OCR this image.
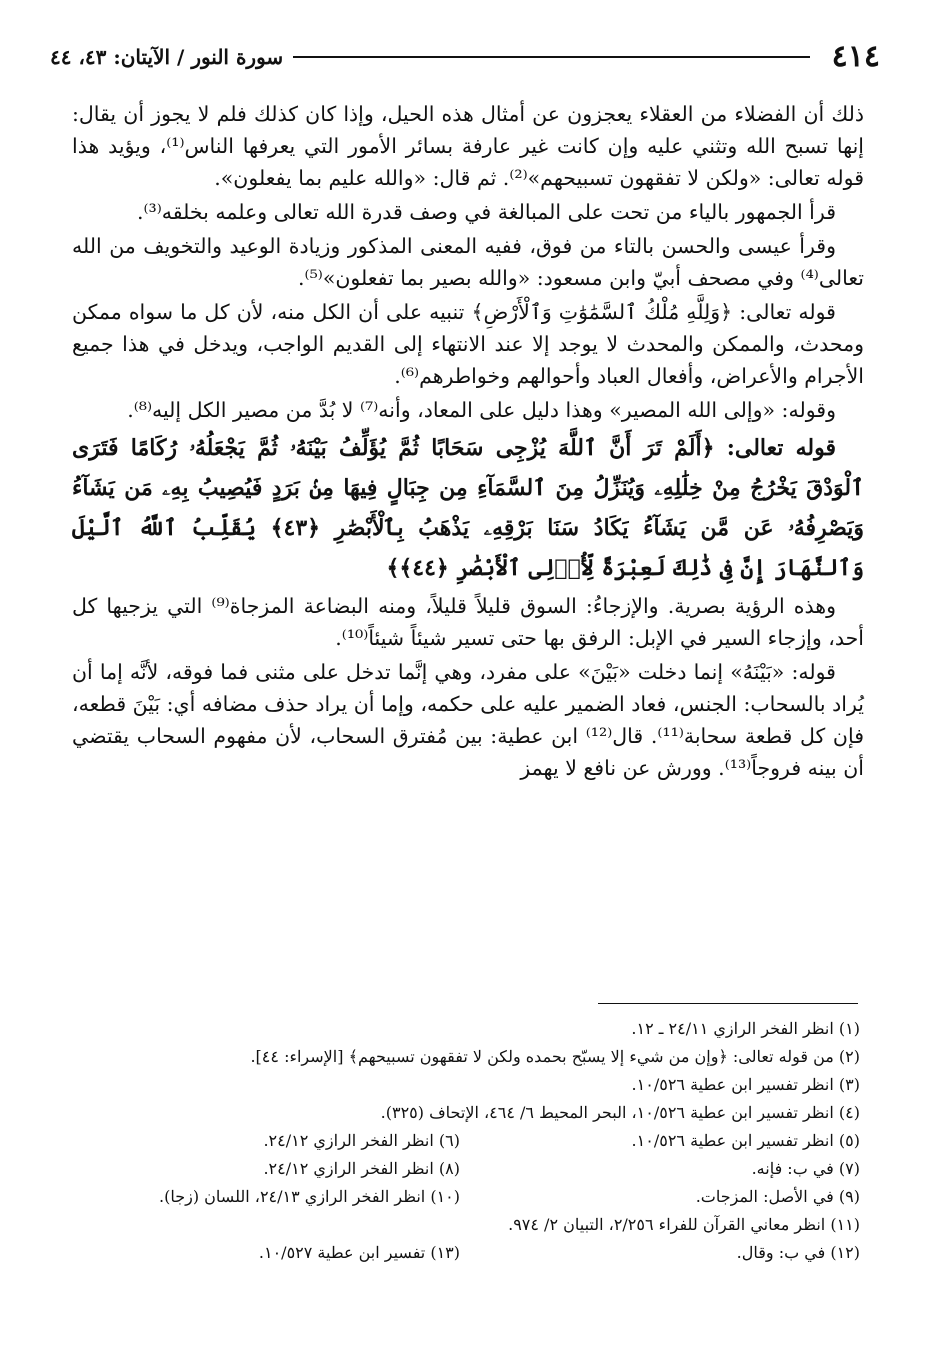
٤١٤
سورة النور / الآيتان: ٤٣، ٤٤

ذلك أن الفضلاء من العقلاء يعجزون عن أمثال هذه الحيل، وإذا كان كذلك فلم لا يجوز أن يقال: إنها تسبح الله وتثني عليه وإن كانت غير عارفة بسائر الأمور التي يعرفها الناس⁽¹⁾، ويؤيد هذا قوله تعالى: «ولكن لا تفقهون تسبيحهم»⁽²⁾. ثم قال: «والله عليم بما يفعلون».

قرأ الجمهور بالياء من تحت على المبالغة في وصف قدرة الله تعالى وعلمه بخلقه⁽³⁾.

وقرأ عيسى والحسن بالتاء من فوق، ففيه المعنى المذكور وزيادة الوعيد والتخويف من الله تعالى⁽⁴⁾ وفي مصحف أبيّ وابن مسعود: «والله بصير بما تفعلون»⁽⁵⁾.

قوله تعالى: ﴿وَلِلَّهِ مُلْكُ ٱلسَّمَٰوَٰتِ وَٱلْأَرْضِ﴾ تنبيه على أن الكل منه، لأن كل ما سواه ممكن ومحدث، والممكن والمحدث لا يوجد إلا عند الانتهاء إلى القديم الواجب، ويدخل في هذا جميع الأجرام والأعراض، وأفعال العباد وأحوالهم وخواطرهم⁽⁶⁾.

وقوله: «وإلى الله المصير» وهذا دليل على المعاد، وأنه⁽⁷⁾ لا بُدَّ من مصير الكل إليه⁽⁸⁾.

قوله تعالى: ﴿أَلَمْ تَرَ أَنَّ ٱللَّهَ يُزْجِى سَحَابًا ثُمَّ يُؤَلِّفُ بَيْنَهُۥ ثُمَّ يَجْعَلُهُۥ رُكَامًا فَتَرَى ٱلْوَدْقَ يَخْرُجُ مِنْ خِلَٰلِهِۦ وَيُنَزِّلُ مِنَ ٱلسَّمَآءِ مِن جِبَالٍ فِيهَا مِنۢ بَرَدٍ فَيُصِيبُ بِهِۦ مَن يَشَآءُ وَيَصْرِفُهُۥ عَن مَّن يَشَآءُ يَكَادُ سَنَا بَرْقِهِۦ يَذْهَبُ بِٱلْأَبْصَٰرِ ﴿٤٣﴾ يُقَلِّبُ ٱللَّهُ ٱلَّيْلَ وَٱلنَّهَارَ إِنَّ فِى ذَٰلِكَ لَعِبْرَةً لِّأُو۟لِى ٱلْأَبْصَٰرِ ﴿٤٤﴾﴾

وهذه الرؤية بصرية. والإزجاءُ: السوق قليلاً قليلاً، ومنه البضاعة المزجاة⁽⁹⁾ التي يزجيها كل أحد، وإزجاء السير في الإبل: الرفق بها حتى تسير شيئاً شيئاً⁽¹⁰⁾.

قوله: «بَيْنَهُ» إنما دخلت «بَيْنَ» على مفرد، وهي إنَّما تدخل على مثنى فما فوقه، لأنَّه إما أن يُراد بالسحاب: الجنس، فعاد الضمير عليه على حكمه، وإما أن يراد حذف مضافه أي: بَيْنَ قطعه، فإن كل قطعة سحابة⁽¹¹⁾. قال⁽¹²⁾ ابن عطية: بين مُفترق السحاب، لأن مفهوم السحاب يقتضي أن بينه فروجاً⁽¹³⁾. وورش عن نافع لا يهمز

(١) انظر الفخر الرازي ٢٤/١١ ـ ١٢.
(٢) من قوله تعالى: ﴿وإن من شيء إلا يسبّح بحمده ولكن لا تفقهون تسبيحهم﴾ [الإسراء: ٤٤].
(٣) انظر تفسير ابن عطية ١٠/٥٢٦.
(٤) انظر تفسير ابن عطية ١٠/٥٢٦، البحر المحيط ٦/ ٤٦٤، الإتحاف (٣٢٥).
(٥) انظر تفسير ابن عطية ١٠/٥٢٦.
(٦) انظر الفخر الرازي ٢٤/١٢.
(٧) في ب: فإنه.
(٨) انظر الفخر الرازي ٢٤/١٢.
(٩) في الأصل: المزجات.
(١٠) انظر الفخر الرازي ٢٤/١٣، اللسان (زجا).
(١١) انظر معاني القرآن للفراء ٢/٢٥٦، التبيان ٢/ ٩٧٤.
(١٢) في ب: وقال.
(١٣) تفسير ابن عطية ١٠/٥٢٧.
